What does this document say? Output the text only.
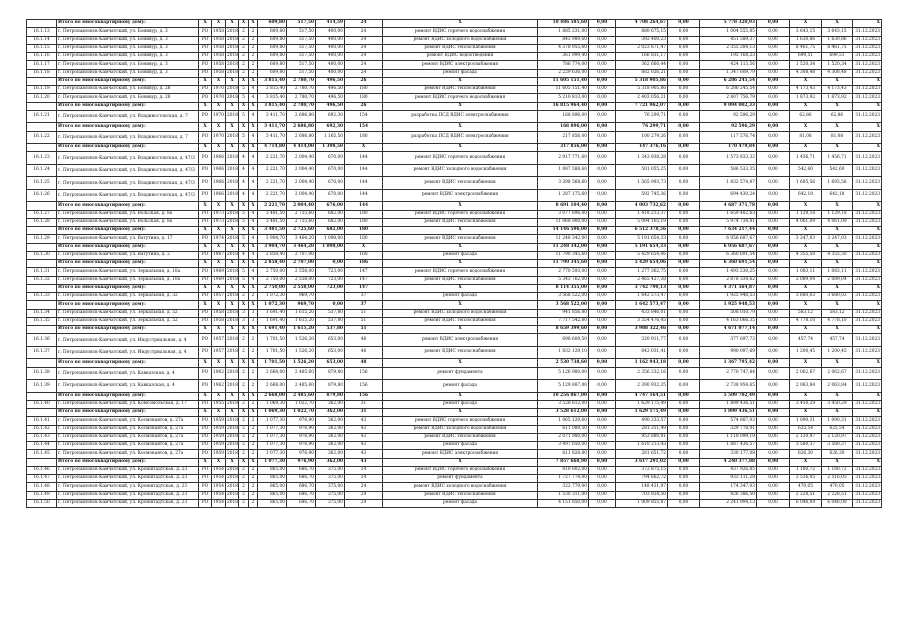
	Итого по многоквартирному дому:	X	X	X	X	X	609,80	517,50	414,59	24	X	10 486 585,60	0,00	4 708 264,67	0,00	5 778 320,93	0,00	X	X	X
16.1.13	г. Петропавловск-Камчатский, ул. Бонивур, д. 3	РО	1958	2018	2	2	609,80	517,50	400,00	24	ремонт ВДИС горячего водоснабжения	1 885 231,00	0,00	880 675,15	0,00	1 004 555,85	0,00	3 643,15	3 643,15	31.12.2023
16.1.14	г. Петропавловск-Камчатский, ул. Бонивур, д. 3	РО	1958	2018	2	2	609,80	517,50	400,00	24	ремонт ВДИС холодного водоснабжения	843 989,60	0,00	392 400,23	0,00	451 589,37	0,00	1 630,86	1 630,86	31.12.2023
16.1.15	г. Петропавловск-Камчатский, ул. Бонивур, д. 3	РО	1958	2018	2	2	609,80	517,50	400,00	24	ремонт ВДИС теплоснабжения	4 378 955,60	0,00	2 023 671,47	0,00	2 355 284,13	0,00	8 461,75	8 461,75	31.12.2023
16.1.16	г. Петропавловск-Камчатский, ул. Бонивур, д. 3	РО	1958	2018	2	2	609,80	517,50	400,00	24	ремонт ВДИС водоотведения	361 999,40	0,00	166 831,17	0,00	195 168,23	0,00	699,51	699,51	31.12.2023
16.1.17	г. Петропавловск-Камчатский, ул. Бонивур, д. 3	РО	1958	2018	2	2	609,80	517,50	400,00	24	ремонт ВДИС электроснабжения	786 774,00	0,00	362 660,44	0,00	424 113,56	0,00	1 520,34	1 520,34	31.12.2023
16.1.18	г. Петропавловск-Камчатский, ул. Бонивур, д. 3	РО	1958	2018	2	2	609,80	517,50	400,00	24	ремонт фасада	2 229 636,00	0,00	882 026,21	0,00	1 347 609,79	0,00	4 308,48	4 308,48	31.12.2023
	Итого по многоквартирному дому:	X	X	X	X	X	3 815,40	2 780,70	496,50	26	X	11 605 151,40	0,00	5 318 905,86	0,00	6 286 245,54	0,00	X	X	X
16.1.19	г. Петропавловск-Камчатский, ул. Бонивур, д. 28	РО	1970	2018	5	4	3 815,40	2 780,70	496,50	180	ремонт ВДИС теплоснабжения	11 605 151,40	0,00	5 318 905,86	0,00	6 286 245,54	0,00	4 173,43	4 173,43	31.12.2023
16.1.20	г. Петропавловск-Камчатский, ул. Бонивур, д. 28	РО	1970	2018	5	4	3 815,40	2 780,70	496,50	180	ремонт ВДИС горячего водоснабжения	5 210 813,00	0,00	2 403 056,21	0,00	2 807 756,79	0,00	1 873,92	1 873,92	31.12.2023
	Итого по многоквартирному дому:	X	X	X	X	X	3 815,40	2 780,70	496,50	26	X	16 815 964,40	0,00	7 721 962,07	0,00	9 094 002,33	0,00	X	X	X
16.1.21	г. Петропавловск-Камчатский, ул. Владивостокская, д. 7	РО	1970	2018	5	4	3 411,70	2 686,80	692,30	154	разработка ПСД ВДИС электроснабжения	168 896,00	0,00	76 299,71	0,00	92 596,29	0,00	62,86	62,86	31.12.2023
	Итого по многоквартирному дому:	X	X	X	X	X	3 411,70	2 686,80	692,30	154	X	168 896,00	0,00	76 299,71	0,00	92 596,29	0,00	X	X	X
16.1.22	г. Петропавловск-Камчатский, ул. Владивостокская, д. 7	РО	1970	2018	5	4	3 411,70	2 686,80	1 165,50	180	разработка ПСД ВДИС электроснабжения	217 856,00	0,00	100 279,26	0,00	117 576,74	0,00	81,08	81,08	31.12.2023
	Итого по многоквартирному дому:	X	X	X	X	X	4 714,80	4 414,00	1 398,50	X	X	317 856,00	0,00	147 376,16	0,00	170 479,84	0,00	X	X	X
16.1.23	г. Петропавловск-Камчатский, ул. Владивостокская, д. 47/3	РО	1966	2018	4	4	2 221,70	2 004,40	670,00	144	ремонт ВДИС горячего водоснабжения	2 917 771,60	0,00	1 343 938,28	0,00	1 573 833,32	0,00	1 456,71	1 456,71	31.12.2023
16.1.24	г. Петропавловск-Камчатский, ул. Владивостокская, д. 47/3	РО	1966	2018	4	4	2 221,70	2 004,40	670,00	144	ремонт ВДИС холодного водоснабжения	1 087 588,60	0,00	501 055,25	0,00	586 533,35	0,00	542,60	542,60	31.12.2023
16.1.25	г. Петропавловск-Камчатский, ул. Владивостокская, д. 47/3	РО	1966	2018	4	4	2 221,70	2 004,40	670,00	144	ремонт ВДИС теплоснабжения	3 398 568,60	0,00	1 565 993,73	0,00	1 832 574,87	0,00	1 695,56	1 695,56	31.12.2023
16.1.26	г. Петропавловск-Камчатский, ул. Владивостокская, д. 47/3	РО	1966	2018	4	4	2 221,70	2 004,40	670,00	144	ремонт ВДИС электроснабжения	1 287 175,60	0,00	592 745,36	0,00	694 430,24	0,00	642,18	642,18	31.12.2023
	Итого по многоквартирному дому:	X	X	X	X	X	2 221,70	2 004,40	676,00	144	X	8 691 104,40	0,00	4 003 732,62	0,00	4 687 371,78	0,00	X	X	X
16.1.27	г. Петропавловск-Камчатский, ул. Вольская, д. 8а	РО	1973	2018	5	4	3 481,50	2 725,60	682,00	180	ремонт ВДИС горячего водоснабжения	3 077 696,00	0,00	1 418 213,37	0,00	1 659 482,63	0,00	1 129,18	1 129,18	31.12.2023
16.1.28	г. Петропавловск-Камчатский, ул. Вольская, д. 8а	РО	1973	2018	5	4	3 481,50	2 725,60	682,00	180	ремонт ВДИС теплоснабжения	11 068 900,00	0,00	5 094 165,19	0,00	5 974 734,81	0,00	4 061,09	4 061,09	31.12.2023
	Итого по многоквартирному дому:	X	X	X	X	X	3 481,50	2 725,60	682,00	180	X	14 146 596,00	0,00	6 512 378,56	0,00	7 634 217,44	0,00	X	X	X
16.1.29	г. Петропавловск-Камчатский, ул. Ватутина, д. 17	РО	1974	2018	5	4	3 904,70	3 464,20	1 098,00	180	ремонт ВДИС теплоснабжения	11 248 342,00	0,00	5 191 654,33	0,00	6 056 687,67	0,00	3 247,03	3 247,03	31.12.2023
	Итого по многоквартирному дому:	X	X	X	X	X	3 904,70	3 464,20	1 098,00	X	X	11 248 342,00	0,00	5 191 654,33	0,00	6 056 687,67	0,00	X	X	X
16.1.30	г. Петропавловск-Камчатский, ул. Ватутина, д. 2	РО	1967	2018	4	4	2 858,40	2 707,00		168	ремонт фасада	11 790 345,60	0,00	5 429 654,06	0,00	6 360 691,54	0,00	4 355,50	4 355,50	31.12.2023
	Итого по многоквартирному дому:	X	X	X	X	X	2 858,40	2 707,00	0,00	186	X	11 790 345,60	0,00	5 429 654,06	0,00	6 360 691,54	0,00	X	X	X
16.1.31	г. Петропавловск-Камчатский, ул. Зеркальная, д. 10а	РО	1969	2018	5	4	2 750,00	2 558,00	723,00	147	ремонт ВДИС горячего водоснабжения	2 770 593,00	0,00	1 277 362,75	0,00	1 493 230,25	0,00	1 083,11	1 083,11	31.12.2023
16.1.32	г. Петропавловск-Камчатский, ул. Зеркальная, д. 10а	РО	1969	2018	5	4	2 750,00	2 558,00	723,00	147	ремонт ВДИС теплоснабжения	5 343 762,00	0,00	2 465 427,38	0,00	2 878 334,62	0,00	2 089,04	2 089,04	31.12.2023
	Итого по многоквартирному дому:	X	X	X	X	X	2 750,00	2 558,00	723,00	147	X	8 114 355,00	0,00	3 742 790,13	0,00	4 371 564,87	0,00	X	X	X
16.1.33	г. Петропавловск-Камчатский, ул. Зеркальная, д. 32	РО	1957	2018	2	2	1 072,30	969,70		37	ремонт фасада	3 568 522,00	0,00	1 642 573,47	0,00	1 925 948,53	0,00	3 680,03	3 680,03	31.12.2023
	Итого по многоквартирному дому:	X	X	X	X	X	1 072,30	969,70	0,00	37	X	3 568 522,00	0,00	1 642 573,47	0,00	1 925 948,53	0,00	X	X	X
16.1.34	г. Петропавловск-Камчатский, ул. Зеркальная, д. 52	РО	1958	2018	3	3	1 691,40	1 615,20	537,80	51	ремонт ВДИС холодного водоснабжения	941 856,80	0,00	433 846,01	0,00	508 010,79	0,00	583,12	583,12	31.12.2023
16.1.35	г. Петропавловск-Камчатский, ул. Зеркальная, д. 52	РО	1958	2018	3	3	1 691,40	1 615,20	537,80	51	ремонт ВДИС теплоснабжения	7 717 542,80	0,00	3 554 476,45	0,00	4 163 066,35	0,00	4 778,10	4 778,10	31.12.2023
	Итого по многоквартирному дому:	X	X	X	X	X	1 691,40	1 615,20	537,80	51	X	8 659 399,60	0,00	3 988 322,46	0,00	4 671 077,14	0,00	X	X	X
16.1.36	г. Петропавловск-Камчатский, ул. Индустриальная, д. 4	РО	1957	2018	2	2	1 701,50	1 526,20	653,00	48	ремонт ВДИС электроснабжения	698 609,50	0,00	320 911,77	0,00	377 697,73	0,00	457,74	457,74	31.12.2023
16.1.37	г. Петропавловск-Камчатский, ул. Индустриальная, д. 4	РО	1957	2018	2	2	1 701,50	1 526,20	653,00	48	ремонт ВДИС теплоснабжения	1 832 129,10	0,00	842 031,41	0,00	990 097,69	0,00	1 200,45	1 200,45	31.12.2023
	Итого по многоквартирному дому:	X	X	X	X	X	1 701,50	1 526,20	653,00	48	X	2 530 738,60	0,00	1 162 943,18	0,00	1 367 795,42	0,00	X	X	X
16.1.38	г. Петропавловск-Камчатский, ул. Кавказская, д. 4	РО	1962	2018	2	2	2 668,00	2 485,60	879,80	156	ремонт фундамента	5 126 980,00	0,00	2 356 232,16	0,00	2 770 747,84	0,00	2 062,67	2 062,67	31.12.2023
16.1.39	г. Петропавловск-Камчатский, ул. Кавказская, д. 4	РО	1962	2018	2	2	2 668,00	2 485,60	879,80	156	ремонт фасада	5 129 887,00	0,00	2 390 932,35	0,00	2 738 954,65	0,00	2 063,84	2 063,84	31.12.2023
	Итого по многоквартирному дому:	X	X	X	X	X	2 668,00	2 485,60	879,80	156	X	10 256 867,00	0,00	4 747 164,51	0,00	5 509 702,49	0,00	X	X	X
16.1.40	г. Петропавловск-Камчатский, ул. Комсомольская, д. 17	РО	1955	2018	2	2	1 069,30	1 022,70	362,00	31	ремонт фасада	3 528 612,00	0,00	1 629 175,49	0,00	1 899 436,51	0,00	3 450,29	3 450,29	31.12.2023
	Итого по многоквартирному дому:	X	X	X	X	X	1 069,30	1 022,70	362,00	31	X	3 528 612,00	0,00	1 629 175,49	0,00	1 899 436,51	0,00	X	X	X
16.1.41	г. Петропавловск-Камчатский, ул. Космонавтов, д. 27а	РО	1959	2018	2	2	1 077,30	976,90	362,00	43	ремонт ВДИС горячего водоснабжения	1 065 120,60	0,00	490 233,57	0,00	574 887,03	0,00	1 090,31	1 090,31	31.12.2023
16.1.42	г. Петропавловск-Камчатский, ул. Космонавтов, д. 27а	РО	1959	2018	2	2	1 077,30	976,90	362,00	43	ремонт ВДИС холодного водоснабжения	611 089,50	0,00	281 311,49	0,00	329 778,01	0,00	625,54	625,54	31.12.2023
16.1.43	г. Петропавловск-Камчатский, ул. Космонавтов, д. 27а	РО	1959	2018	2	2	1 077,30	976,90	362,00	43	ремонт ВДИС теплоснабжения	2 071 980,00	0,00	953 880,81	0,00	1 118 099,19	0,00	2 120,97	2 120,97	31.12.2023
16.1.44	г. Петропавловск-Камчатский, ул. Космонавтов, д. 27а	РО	1959	2018	2	2	1 077,30	976,90	362,00	43	ремонт фасада	3 497 650,00	0,00	1 610 213,43	0,00	1 887 436,57	0,00	3 580,37	3 580,37	31.12.2023
16.1.45	г. Петропавловск-Камчатский, ул. Космонавтов, д. 27а	РО	1959	2018	2	2	1 077,30	976,90	362,00	43	ремонт ВДИС электроснабжения	611 828,80	0,00	281 651,72	0,00	330 177,08	0,00	626,30	626,30	31.12.2023
	Итого по многоквартирному дому:	X	X	X	X	X	1 077,30	976,90	362,00	43	X	7 857 668,90	0,00	3 617 291,02	0,00	4 240 377,88	0,00	X	X	X
16.1.46	г. Петропавловск-Камчатский, ул. Кронштадтская, д. 23	РО	1954	2018	2	2	865,00	686,70	375,00	24	ремонт ВДИС горячего водоснабжения	810 802,00	0,00	372 875,15	0,00	437 926,85	0,00	1 180,72	1 180,72	31.12.2023
16.1.47	г. Петропавловск-Камчатский, ул. Кронштадтская, д. 23	РО	1954	2018	2	2	865,00	686,70	375,00	24	ремонт фундамента	1 727 774,00	0,00	794 662,72	0,00	933 111,28	0,00	2 516,05	2 516,05	31.12.2023
16.1.48	г. Петропавловск-Камчатский, ул. Кронштадтская, д. 23	РО	1954	2018	2	2	865,00	686,70	375,00	24	ремонт ВДИС холодного водоснабжения	322 779,00	0,00	148 431,97	0,00	174 347,03	0,00	470,05	470,05	31.12.2023
16.1.49	г. Петропавловск-Камчатский, ул. Кронштадтская, д. 23	РО	1954	2018	2	2	865,00	686,70	375,00	24	ремонт ВДИС теплоснабжения	1 530 311,00	0,00	703 924,50	0,00	826 386,50	0,00	2 228,51	2 228,51	31.12.2023
16.1.50	г. Петропавловск-Камчатский, ул. Кронштадтская, д. 23	РО	1954	2018	2	2	865,00	686,70	375,00	24	ремонт фасада	4 151 850,00	0,00	1 909 855,87	0,00	2 241 994,13	0,00	6 046,09	6 046,09	31.12.2023
